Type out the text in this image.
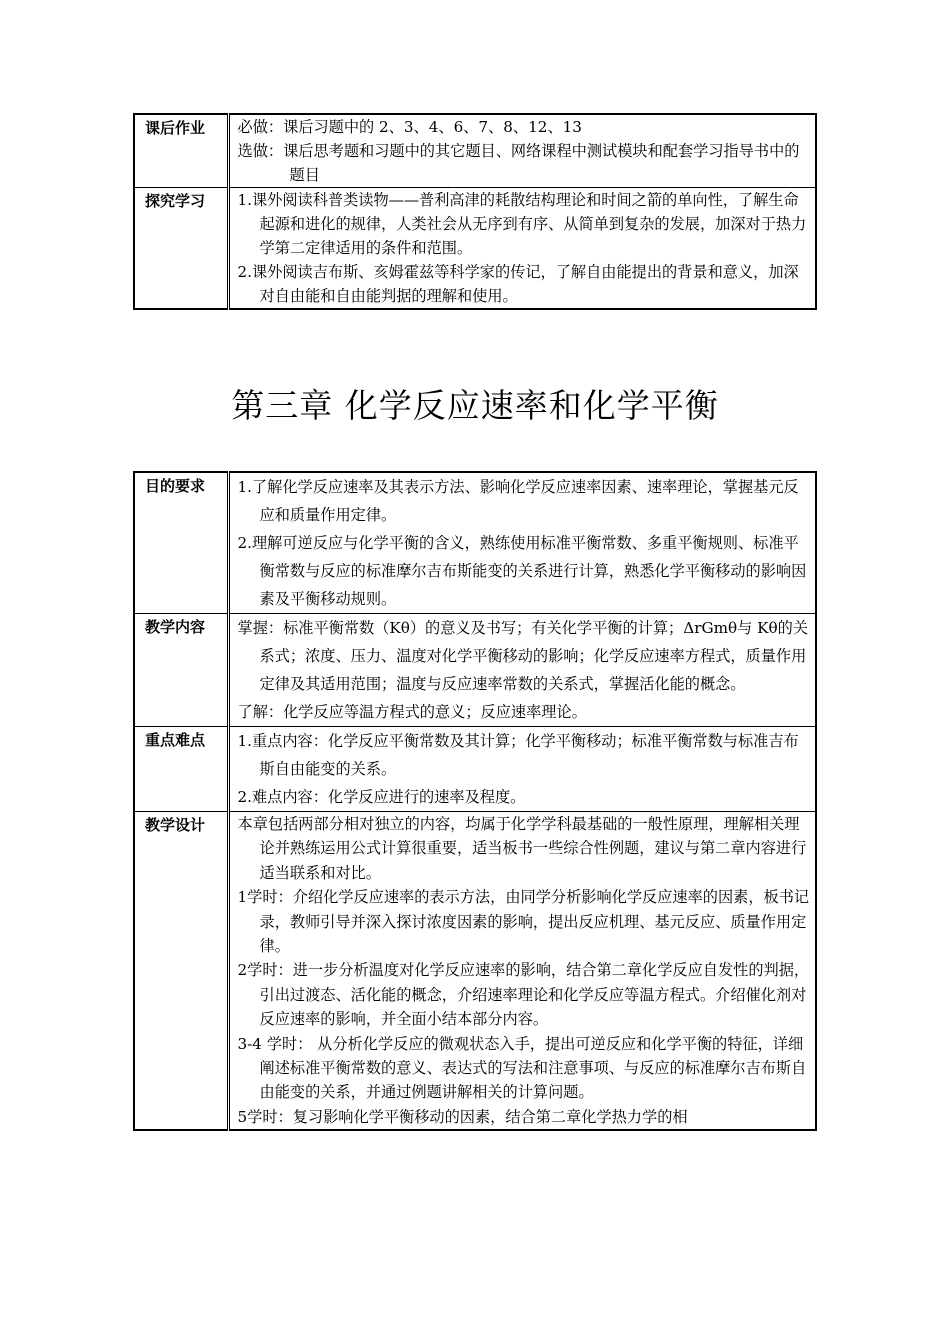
课后作业	必做：课后习题中的 2、3、4、6、7、8、12、13
选做：课后思考题和习题中的其它题目、网络课程中测试模块和配套学习指导书中的题目

探究学习	1.课外阅读科普类读物——普利高津的耗散结构理论和时间之箭的单向性，了解生命起源和进化的规律，人类社会从无序到有序、从简单到复杂的发展，加深对于热力学第二定律适用的条件和范围。
2.课外阅读吉布斯、亥姆霍兹等科学家的传记，了解自由能提出的背景和意义，加深对自由能和自由能判据的理解和使用。
第三章 化学反应速率和化学平衡
目的要求	1.了解化学反应速率及其表示方法、影响化学反应速率因素、速率理论，掌握基元反应和质量作用定律。
2.理解可逆反应与化学平衡的含义，熟练使用标准平衡常数、多重平衡规则、标准平衡常数与反应的标准摩尔吉布斯能变的关系进行计算，熟悉化学平衡移动的影响因素及平衡移动规则。

教学内容	掌握：标准平衡常数（Kθ）的意义及书写；有关化学平衡的计算；ΔrGmθ与 Kθ的关系式；浓度、压力、温度对化学平衡移动的影响；化学反应速率方程式，质量作用定律及其适用范围；温度与反应速率常数的关系式，掌握活化能的概念。
了解：化学反应等温方程式的意义；反应速率理论。

重点难点	1.重点内容：化学反应平衡常数及其计算；化学平衡移动；标准平衡常数与标准吉布斯自由能变的关系。
2.难点内容：化学反应进行的速率及程度。

教学设计	本章包括两部分相对独立的内容，均属于化学学科最基础的一般性原理，理解相关理论并熟练运用公式计算很重要，适当板书一些综合性例题，建议与第二章内容进行适当联系和对比。
1学时：介绍化学反应速率的表示方法，由同学分析影响化学反应速率的因素，板书记录，教师引导并深入探讨浓度因素的影响，提出反应机理、基元反应、质量作用定律。
2学时：进一步分析温度对化学反应速率的影响，结合第二章化学反应自发性的判据，引出过渡态、活化能的概念，介绍速率理论和化学反应等温方程式。介绍催化剂对反应速率的影响，并全面小结本部分内容。
3-4 学时： 从分析化学反应的微观状态入手，提出可逆反应和化学平衡的特征，详细阐述标准平衡常数的意义、表达式的写法和注意事项、与反应的标准摩尔吉布斯自由能变的关系，并通过例题讲解相关的计算问题。
5学时：复习影响化学平衡移动的因素，结合第二章化学热力学的相
